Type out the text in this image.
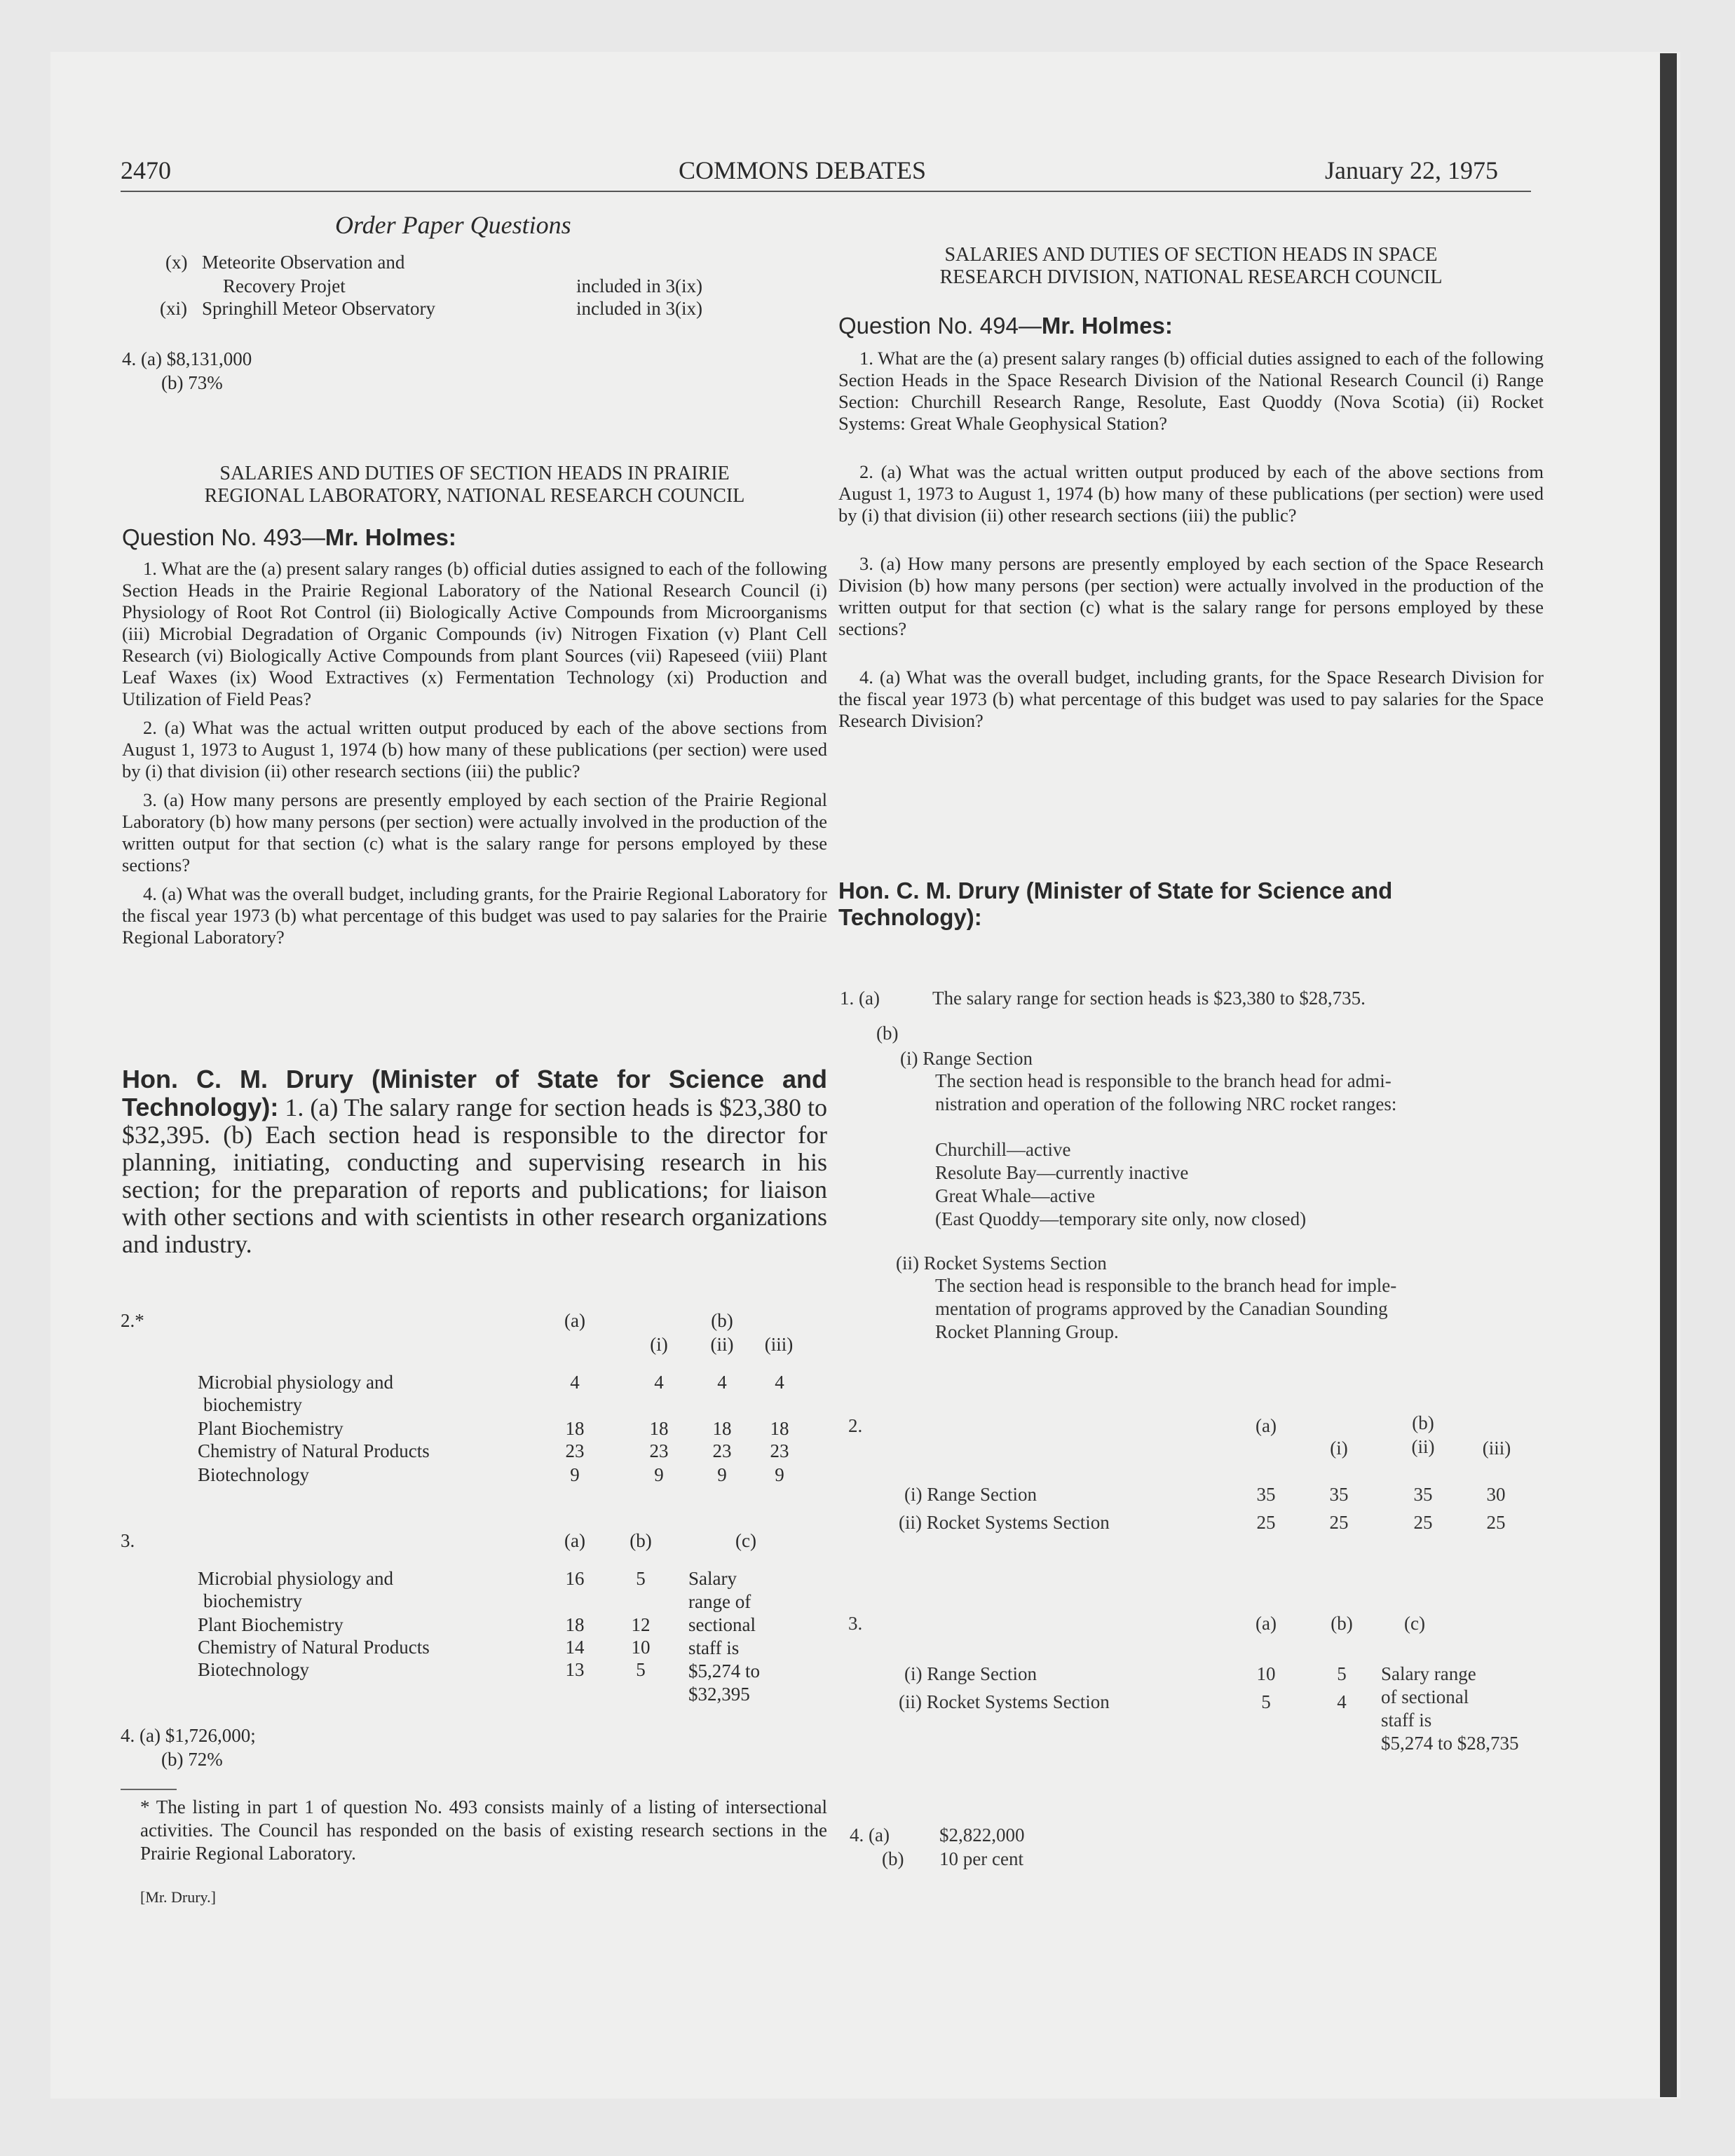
2470	COMMONS DEBATES	January 22, 1975
Order Paper Questions
(x) Meteorite Observation and
Recovery Projet	included in 3(ix)
(xi) Springhill Meteor Observatory	included in 3(ix)
4. (a) $8,131,000
(b) 73%
SALARIES AND DUTIES OF SECTION HEADS IN PRAIRIE
REGIONAL LABORATORY, NATIONAL RESEARCH COUNCIL
Question No. 493—Mr. Holmes:

1. What are the (a) present salary ranges (b) official duties assigned to each of the following Section Heads in the Prairie Regional Laboratory of the National Research Council (i) Physiology of Root Rot Control (ii) Biologically Active Compounds from Microorganisms (iii) Microbial Degradation of Organic Compounds (iv) Nitrogen Fixation (v) Plant Cell Research (vi) Biologically Active Compounds from plant Sources (vii) Rapeseed (viii) Plant Leaf Waxes (ix) Wood Extractives (x) Fermentation Technology (xi) Production and Utilization of Field Peas?

2. (a) What was the actual written output produced by each of the above sections from August 1, 1973 to August 1, 1974 (b) how many of these publications (per section) were used by (i) that division (ii) other research sections (iii) the public?

3. (a) How many persons are presently employed by each section of the Prairie Regional Laboratory (b) how many persons (per section) were actually involved in the production of the written output for that section (c) what is the salary range for persons employed by these sections?

4. (a) What was the overall budget, including grants, for the Prairie Regional Laboratory for the fiscal year 1973 (b) what percentage of this budget was used to pay salaries for the Prairie Regional Laboratory?

Hon. C. M. Drury (Minister of State for Science and Technology): 1. (a) The salary range for section heads is $23,380 to $32,395. (b) Each section head is responsible to the director for planning, initiating, conducting and supervising research in his section; for the preparation of reports and publications; for liaison with other sections and with scientists in other research organizations and industry.
2.*	(a)	(b)
(i)	(ii)	(iii)
Microbial physiology and
biochemistry
4	4	4	4
Plant Biochemistry	18	18	18	18
Chemistry of Natural Products	23	23	23	23
Biotechnology	9	9	9	9
3.	(a)	(b)	(c)
Microbial physiology and
biochemistry
16	5
Plant Biochemistry	18	12
Chemistry of Natural Products	14	10
Biotechnology	13	5
Salary
range of
sectional
staff is
$5,274 to
$32,395
4. (a) $1,726,000;
(b) 72%
* The listing in part 1 of question No. 493 consists mainly of a listing of intersectional activities. The Council has responded on the basis of existing research sections in the Prairie Regional Laboratory.
[Mr. Drury.]
SALARIES AND DUTIES OF SECTION HEADS IN SPACE
RESEARCH DIVISION, NATIONAL RESEARCH COUNCIL
Question No. 494—Mr. Holmes:

1. What are the (a) present salary ranges (b) official duties assigned to each of the following Section Heads in the Space Research Division of the National Research Council (i) Range Section: Churchill Research Range, Resolute, East Quoddy (Nova Scotia) (ii) Rocket Systems: Great Whale Geophysical Station?

2. (a) What was the actual written output produced by each of the above sections from August 1, 1973 to August 1, 1974 (b) how many of these publications (per section) were used by (i) that division (ii) other research sections (iii) the public?

3. (a) How many persons are presently employed by each section of the Space Research Division (b) how many persons (per section) were actually involved in the production of the written output for that section (c) what is the salary range for persons employed by these sections?

4. (a) What was the overall budget, including grants, for the Space Research Division for the fiscal year 1973 (b) what percentage of this budget was used to pay salaries for the Space Research Division?

Hon. C. M. Drury (Minister of State for Science and
Technology):
1. (a)	The salary range for section heads is $23,380 to $28,735.
(b)
(i) Range Section
The section head is responsible to the branch head for admi-
nistration and operation of the following NRC rocket ranges:
Churchill—active
Resolute Bay—currently inactive
Great Whale—active
(East Quoddy—temporary site only, now closed)
(ii) Rocket Systems Section
The section head is responsible to the branch head for imple-
mentation of programs approved by the Canadian Sounding
Rocket Planning Group.
2.	(a)	(b)
(i)	(ii)	(iii)
(i) Range Section	35	35	35	30
(ii) Rocket Systems Section	25	25	25	25
3.	(a)	(b)	(c)
(i) Range Section	10	5
(ii) Rocket Systems Section	5	4
Salary range
of sectional
staff is
$5,274 to $28,735
4. (a)	$2,822,000
(b) 10 per cent
